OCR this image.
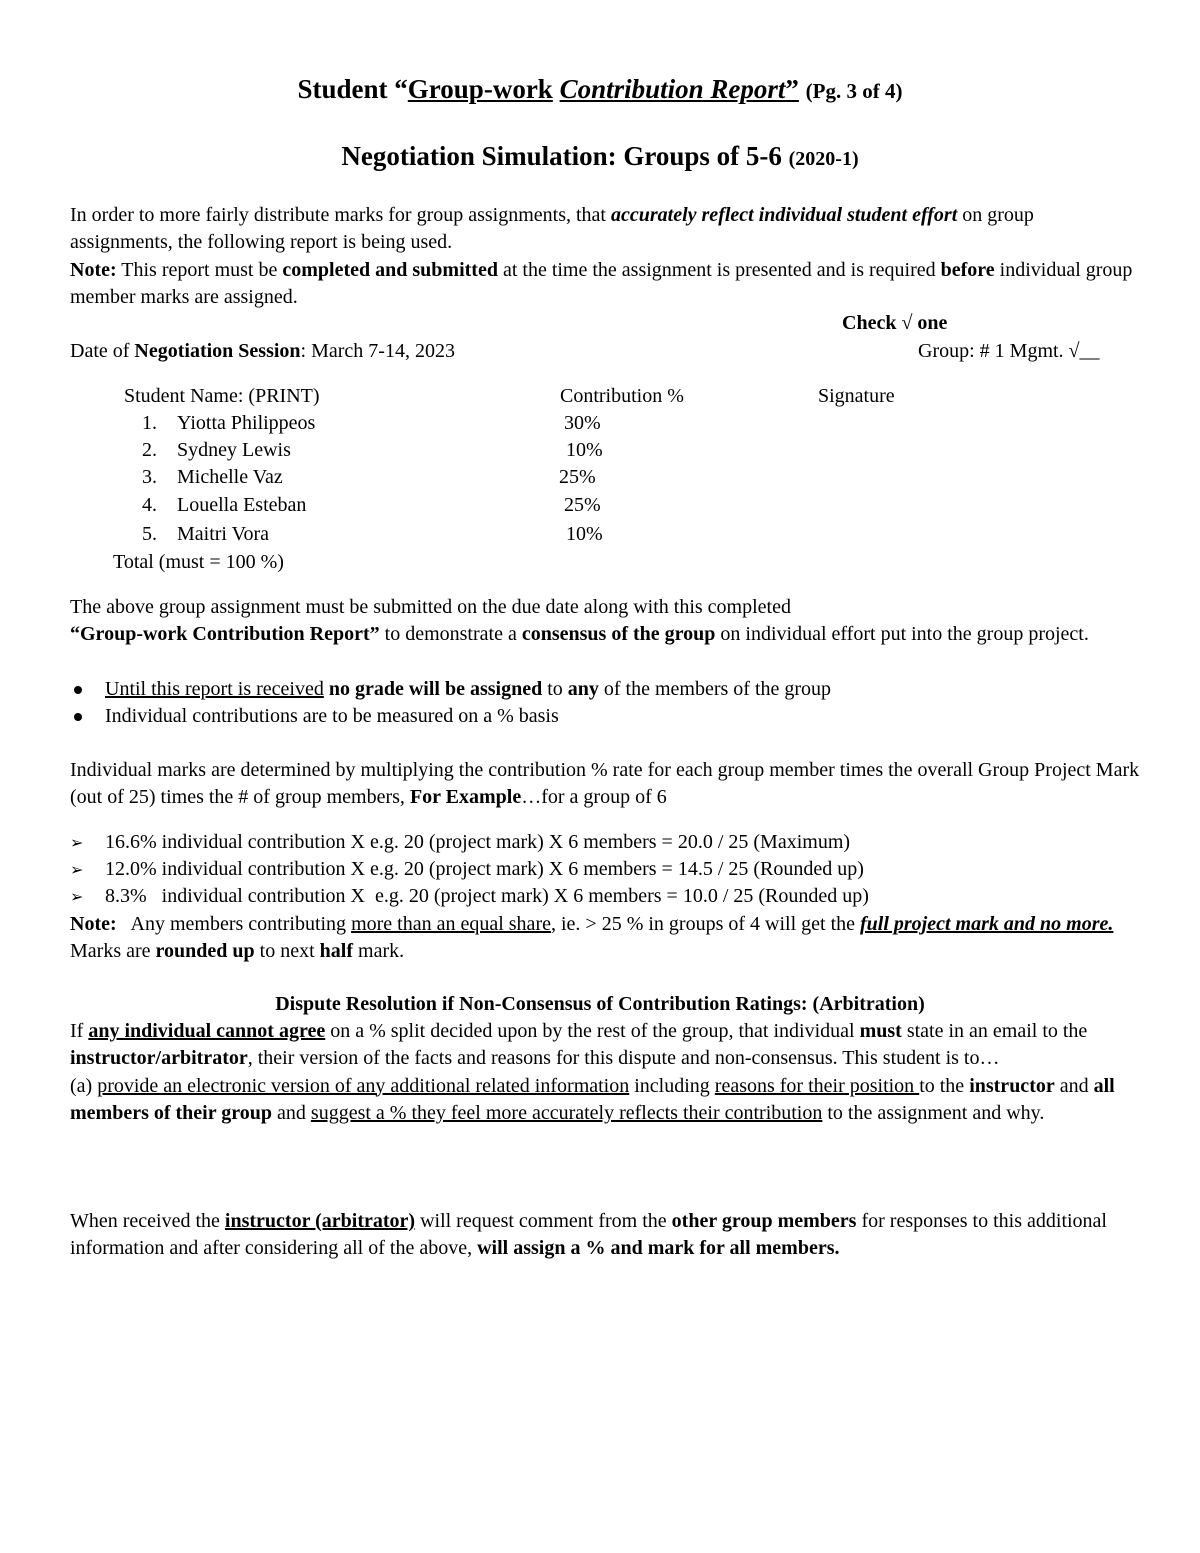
Student “Group-work Contribution Report” (Pg. 3 of 4)
Negotiation Simulation: Groups of 5-6 (2020-1)
In order to more fairly distribute marks for group assignments, that accurately reflect individual student effort on group assignments, the following report is being used.
Note: This report must be completed and submitted at the time the assignment is presented and is required before individual group member marks are assigned.
Check √ one
Date of Negotiation Session: March 7-14, 2023	Group: # 1 Mgmt. √__
Student Name: (PRINT)	Contribution %	Signature
1. Yiotta Philippeos	30%
2. Sydney Lewis	10%
3. Michelle Vaz	25%
4. Louella Esteban	25%
5. Maitri Vora	10%
Total (must = 100 %)
The above group assignment must be submitted on the due date along with this completed
“Group-work Contribution Report” to demonstrate a consensus of the group on individual effort put into the group project.
Until this report is received no grade will be assigned to any of the members of the group
Individual contributions are to be measured on a % basis
Individual marks are determined by multiplying the contribution % rate for each group member times the overall Group Project Mark (out of 25) times the # of group members, For Example…for a group of 6
➢	16.6% individual contribution X e.g. 20 (project mark) X 6 members = 20.0 / 25 (Maximum)
➢	12.0% individual contribution X e.g. 20 (project mark) X 6 members = 14.5 / 25 (Rounded up)
➢	8.3%   individual contribution X  e.g. 20 (project mark) X 6 members = 10.0 / 25 (Rounded up)
Note:   Any members contributing more than an equal share, ie. > 25 % in groups of 4 will get the full project mark and no more. Marks are rounded up to next half mark.
Dispute Resolution if Non-Consensus of Contribution Ratings: (Arbitration)
If any individual cannot agree on a % split decided upon by the rest of the group, that individual must state in an email to the instructor/arbitrator, their version of the facts and reasons for this dispute and non-consensus. This student is to…
(a) provide an electronic version of any additional related information including reasons for their position to the instructor and all members of their group and suggest a % they feel more accurately reflects their contribution to the assignment and why.
When received the instructor (arbitrator) will request comment from the other group members for responses to this additional information and after considering all of the above, will assign a % and mark for all members.
